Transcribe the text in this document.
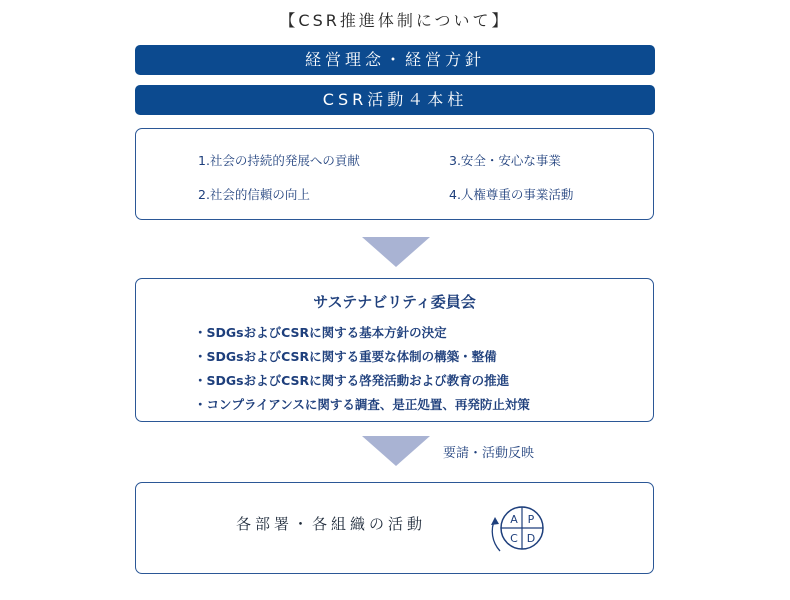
【CSR推進体制について】
経営理念・経営方針
CSR活動４本柱
1.社会の持続的発展への貢献	3.安全・安心な事業
2.社会的信頼の向上	4.人権尊重の事業活動
サステナビリティ委員会
・SDGsおよびCSRに関する基本方針の決定
・SDGsおよびCSRに関する重要な体制の構築・整備
・SDGsおよびCSRに関する啓発活動および教育の推進
・コンプライアンスに関する調査、是正処置、再発防止対策
要請・活動反映
各部署・各組織の活動	A P
C D
